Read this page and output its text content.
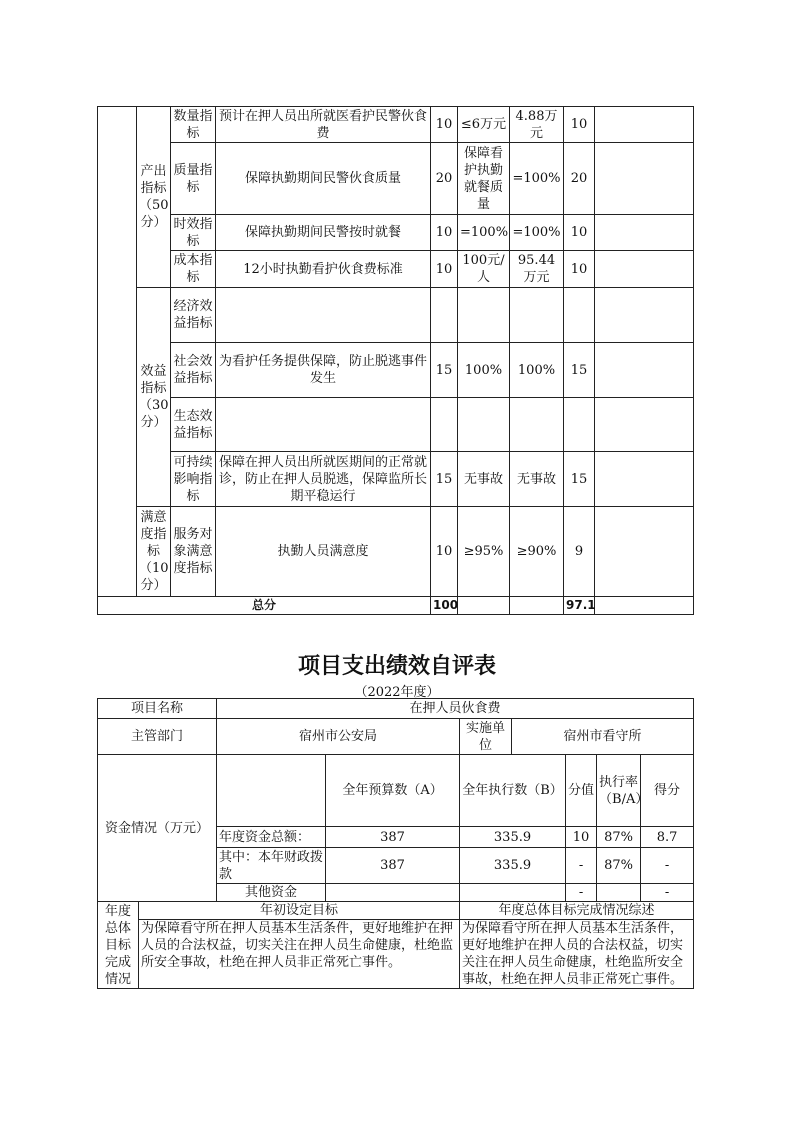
	产出指标（50分）	数量指标	预计在押人员出所就医看护民警伙食费	10	≤6万元	4.88万元	10	
		质量指标	保障执勤期间民警伙食质量	20	保障看护执勤就餐质量	=100%	20	
		时效指标	保障执勤期间民警按时就餐	10	=100%	=100%	10	
		成本指标	12小时执勤看护伙食费标准	10	100元/人	95.44万元	10	
	效益指标（30分）	经济效益指标						
		社会效益指标	为看护任务提供保障，防止脱逃事件发生	15	100%	100%	15	
		生态效益指标						
		可持续影响指标	保障在押人员出所就医期间的正常就诊，防止在押人员脱逃，保障监所长期平稳运行	15	无事故	无事故	15	
	满意度指标（10分）	服务对象满意度指标	执勤人员满意度	10	≥95%	≥90%	9	
总分				100			97.1	
项目支出绩效自评表
（2022年度）
项目名称		在押人员伙食费						
主管部门		宿州市公安局		实施单位	宿州市看守所			
资金情况（万元）			全年预算数（A）	全年执行数（B）		分值	执行率（B/A）	得分
		年度资金总额：	387	335.9		10	87%	8.7
		其中：本年财政拨款	387	335.9		-	87%	-
		其他资金				-		-
年度总体目标完成情况	年初设定目标			年度总体目标完成情况综述				
	为保障看守所在押人员基本生活条件，更好地维护在押人员的合法权益，切实关注在押人员生命健康，杜绝监所安全事故，杜绝在押人员非正常死亡事件。			为保障看守所在押人员基本生活条件，更好地维护在押人员的合法权益，切实关注在押人员生命健康，杜绝监所安全事故，杜绝在押人员非正常死亡事件。				
